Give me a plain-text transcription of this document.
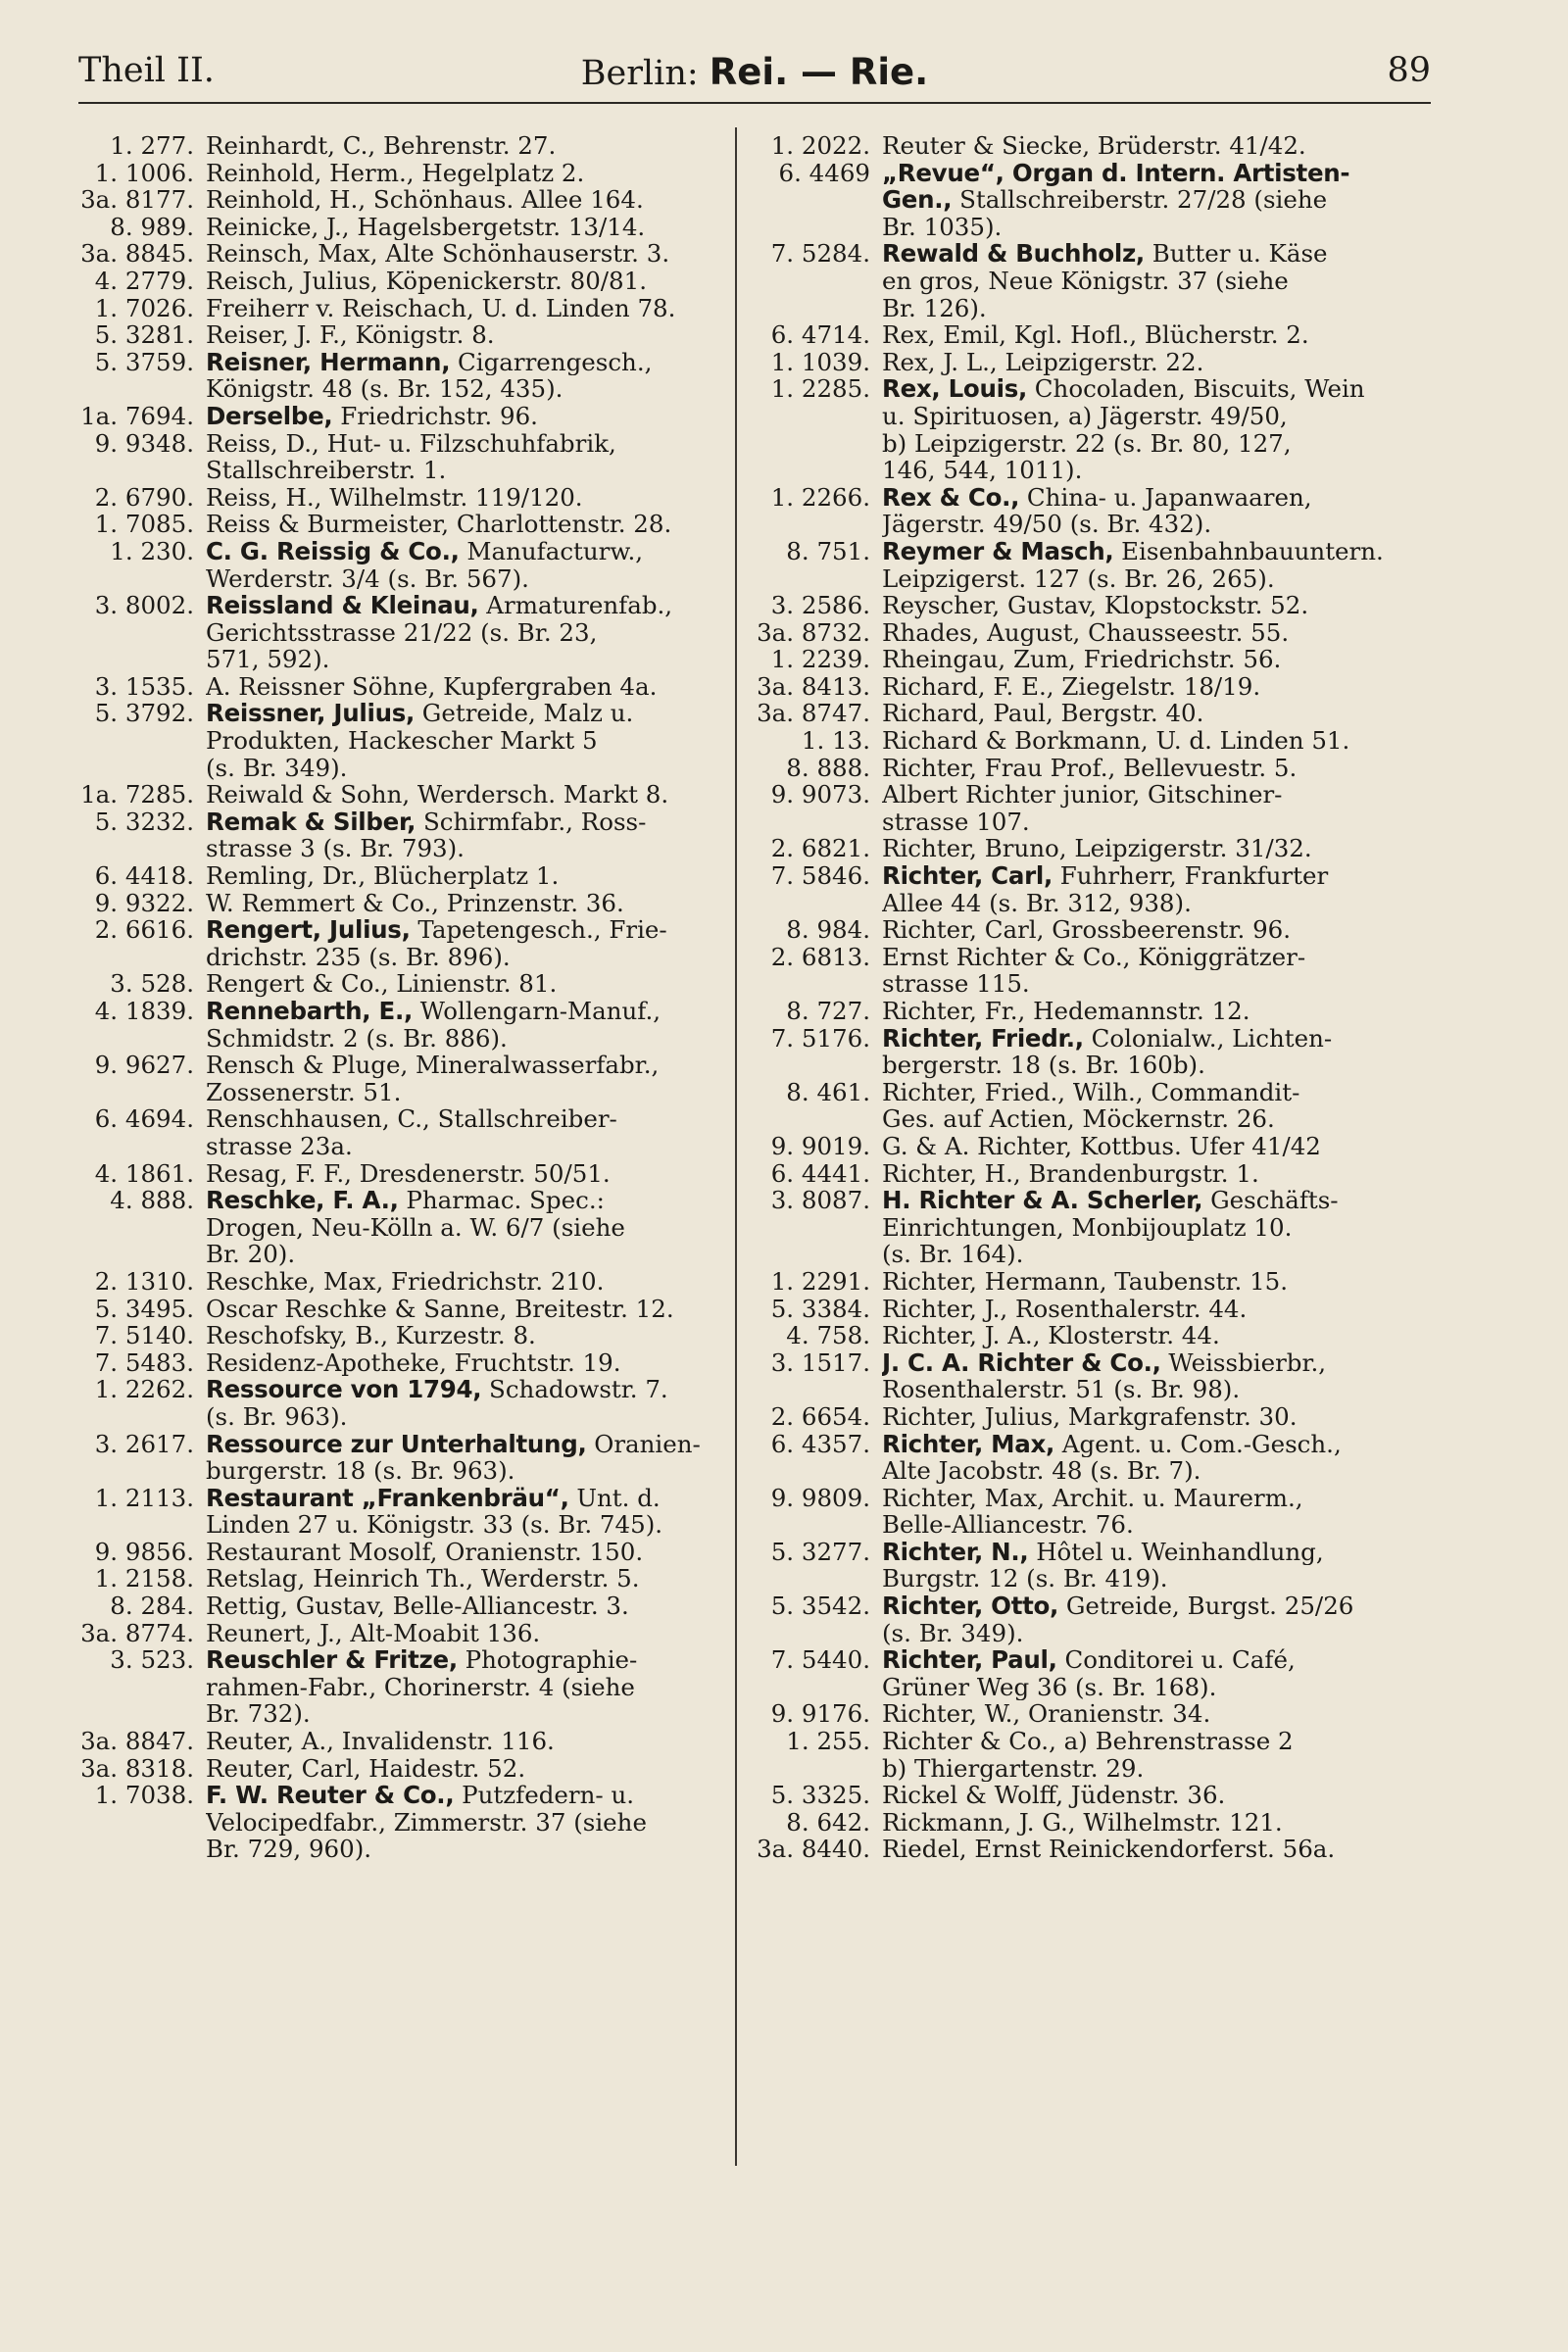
Theil II.	Berlin: Rei. — Rie.	89
1. 277. Reinhardt, C., Behrenstr. 27.
1. 1006. Reinhold, Herm., Hegelplatz 2.
3a. 8177. Reinhold, H., Schönhaus. Allee 164.
8. 989. Reinicke, J., Hagelsbergetstr. 13/14.
3a. 8845. Reinsch, Max, Alte Schönhauserstr. 3.
4. 2779. Reisch, Julius, Köpenickerstr. 80/81.
1. 7026. Freiherr v. Reischach, U. d. Linden 78.
5. 3281. Reiser, J. F., Königstr. 8.
5. 3759. Reisner, Hermann, Cigarrengesch.,
Königstr. 48 (s. Br. 152, 435).
1a. 7694. Derselbe, Friedrichstr. 96.
9. 9348. Reiss, D., Hut- u. Filzschuhfabrik,
Stallschreiberstr. 1.
2. 6790. Reiss, H., Wilhelmstr. 119/120.
1. 7085. Reiss & Burmeister, Charlottenstr. 28.
1. 230. C. G. Reissig & Co., Manufacturw.,
Werderstr. 3/4 (s. Br. 567).
3. 8002. Reissland & Kleinau, Armaturenfab.,
Gerichtsstrasse 21/22 (s. Br. 23,
571, 592).
3. 1535. A. Reissner Söhne, Kupfergraben 4a.
5. 3792. Reissner, Julius, Getreide, Malz u.
Produkten, Hackescher Markt 5
(s. Br. 349).
1a. 7285. Reiwald & Sohn, Werdersch. Markt 8.
5. 3232. Remak & Silber, Schirmfabr., Ross-
strasse 3 (s. Br. 793).
6. 4418. Remling, Dr., Blücherplatz 1.
9. 9322. W. Remmert & Co., Prinzenstr. 36.
2. 6616. Rengert, Julius, Tapetengesch., Frie-
drichstr. 235 (s. Br. 896).
3. 528. Rengert & Co., Linienstr. 81.
4. 1839. Rennebarth, E., Wollengarn-Manuf.,
Schmidstr. 2 (s. Br. 886).
9. 9627. Rensch & Pluge, Mineralwasserfabr.,
Zossenerstr. 51.
6. 4694. Renschhausen, C., Stallschreiber-
strasse 23a.
4. 1861. Resag, F. F., Dresdenerstr. 50/51.
4. 888. Reschke, F. A., Pharmac. Spec.:
Drogen, Neu-Kölln a. W. 6/7 (siehe
Br. 20).
2. 1310. Reschke, Max, Friedrichstr. 210.
5. 3495. Oscar Reschke & Sanne, Breitestr. 12.
7. 5140. Reschofsky, B., Kurzestr. 8.
7. 5483. Residenz-Apotheke, Fruchtstr. 19.
1. 2262. Ressource von 1794, Schadowstr. 7.
(s. Br. 963).
3. 2617. Ressource zur Unterhaltung, Oranien-
burgerstr. 18 (s. Br. 963).
1. 2113. Restaurant „Frankenbräu“, Unt. d.
Linden 27 u. Königstr. 33 (s. Br. 745).
9. 9856. Restaurant Mosolf, Oranienstr. 150.
1. 2158. Retslag, Heinrich Th., Werderstr. 5.
8. 284. Rettig, Gustav, Belle-Alliancestr. 3.
3a. 8774. Reunert, J., Alt-Moabit 136.
3. 523. Reuschler & Fritze, Photographie-
rahmen-Fabr., Chorinerstr. 4 (siehe
Br. 732).
3a. 8847. Reuter, A., Invalidenstr. 116.
3a. 8318. Reuter, Carl, Haidestr. 52.
1. 7038. F. W. Reuter & Co., Putzfedern- u.
Velocipedfabr., Zimmerstr. 37 (siehe
Br. 729, 960).
1. 2022. Reuter & Siecke, Brüderstr. 41/42.
6. 4469 „Revue“, Organ d. Intern. Artisten-
Gen., Stallschreiberstr. 27/28 (siehe
Br. 1035).
7. 5284. Rewald & Buchholz, Butter u. Käse
en gros, Neue Königstr. 37 (siehe
Br. 126).
6. 4714. Rex, Emil, Kgl. Hofl., Blücherstr. 2.
1. 1039. Rex, J. L., Leipzigerstr. 22.
1. 2285. Rex, Louis, Chocoladen, Biscuits, Wein
u. Spirituosen, a) Jägerstr. 49/50,
b) Leipzigerstr. 22 (s. Br. 80, 127,
146, 544, 1011).
1. 2266. Rex & Co., China- u. Japanwaaren,
Jägerstr. 49/50 (s. Br. 432).
8. 751. Reymer & Masch, Eisenbahnbauuntern.
Leipzigerst. 127 (s. Br. 26, 265).
3. 2586. Reyscher, Gustav, Klopstockstr. 52.
3a. 8732. Rhades, August, Chausseestr. 55.
1. 2239. Rheingau, Zum, Friedrichstr. 56.
3a. 8413. Richard, F. E., Ziegelstr. 18/19.
3a. 8747. Richard, Paul, Bergstr. 40.
1. 13. Richard & Borkmann, U. d. Linden 51.
8. 888. Richter, Frau Prof., Bellevuestr. 5.
9. 9073. Albert Richter junior, Gitschiner-
strasse 107.
2. 6821. Richter, Bruno, Leipzigerstr. 31/32.
7. 5846. Richter, Carl, Fuhrherr, Frankfurter
Allee 44 (s. Br. 312, 938).
8. 984. Richter, Carl, Grossbeerenstr. 96.
2. 6813. Ernst Richter & Co., Königgrätzer-
strasse 115.
8. 727. Richter, Fr., Hedemannstr. 12.
7. 5176. Richter, Friedr., Colonialw., Lichten-
bergerstr. 18 (s. Br. 160b).
8. 461. Richter, Fried., Wilh., Commandit-
Ges. auf Actien, Möckernstr. 26.
9. 9019. G. & A. Richter, Kottbus. Ufer 41/42
6. 4441. Richter, H., Brandenburgstr. 1.
3. 8087. H. Richter & A. Scherler, Geschäfts-
Einrichtungen, Monbijouplatz 10.
(s. Br. 164).
1. 2291. Richter, Hermann, Taubenstr. 15.
5. 3384. Richter, J., Rosenthalerstr. 44.
4. 758. Richter, J. A., Klosterstr. 44.
3. 1517. J. C. A. Richter & Co., Weissbierbr.,
Rosenthalerstr. 51 (s. Br. 98).
2. 6654. Richter, Julius, Markgrafenstr. 30.
6. 4357. Richter, Max, Agent. u. Com.-Gesch.,
Alte Jacobstr. 48 (s. Br. 7).
9. 9809. Richter, Max, Archit. u. Maurerm.,
Belle-Alliancestr. 76.
5. 3277. Richter, N., Hôtel u. Weinhandlung,
Burgstr. 12 (s. Br. 419).
5. 3542. Richter, Otto, Getreide, Burgst. 25/26
(s. Br. 349).
7. 5440. Richter, Paul, Conditorei u. Café,
Grüner Weg 36 (s. Br. 168).
9. 9176. Richter, W., Oranienstr. 34.
1. 255. Richter & Co., a) Behrenstrasse 2
b) Thiergartenstr. 29.
5. 3325. Rickel & Wolff, Jüdenstr. 36.
8. 642. Rickmann, J. G., Wilhelmstr. 121.
3a. 8440. Riedel, Ernst Reinickendorferst. 56a.
